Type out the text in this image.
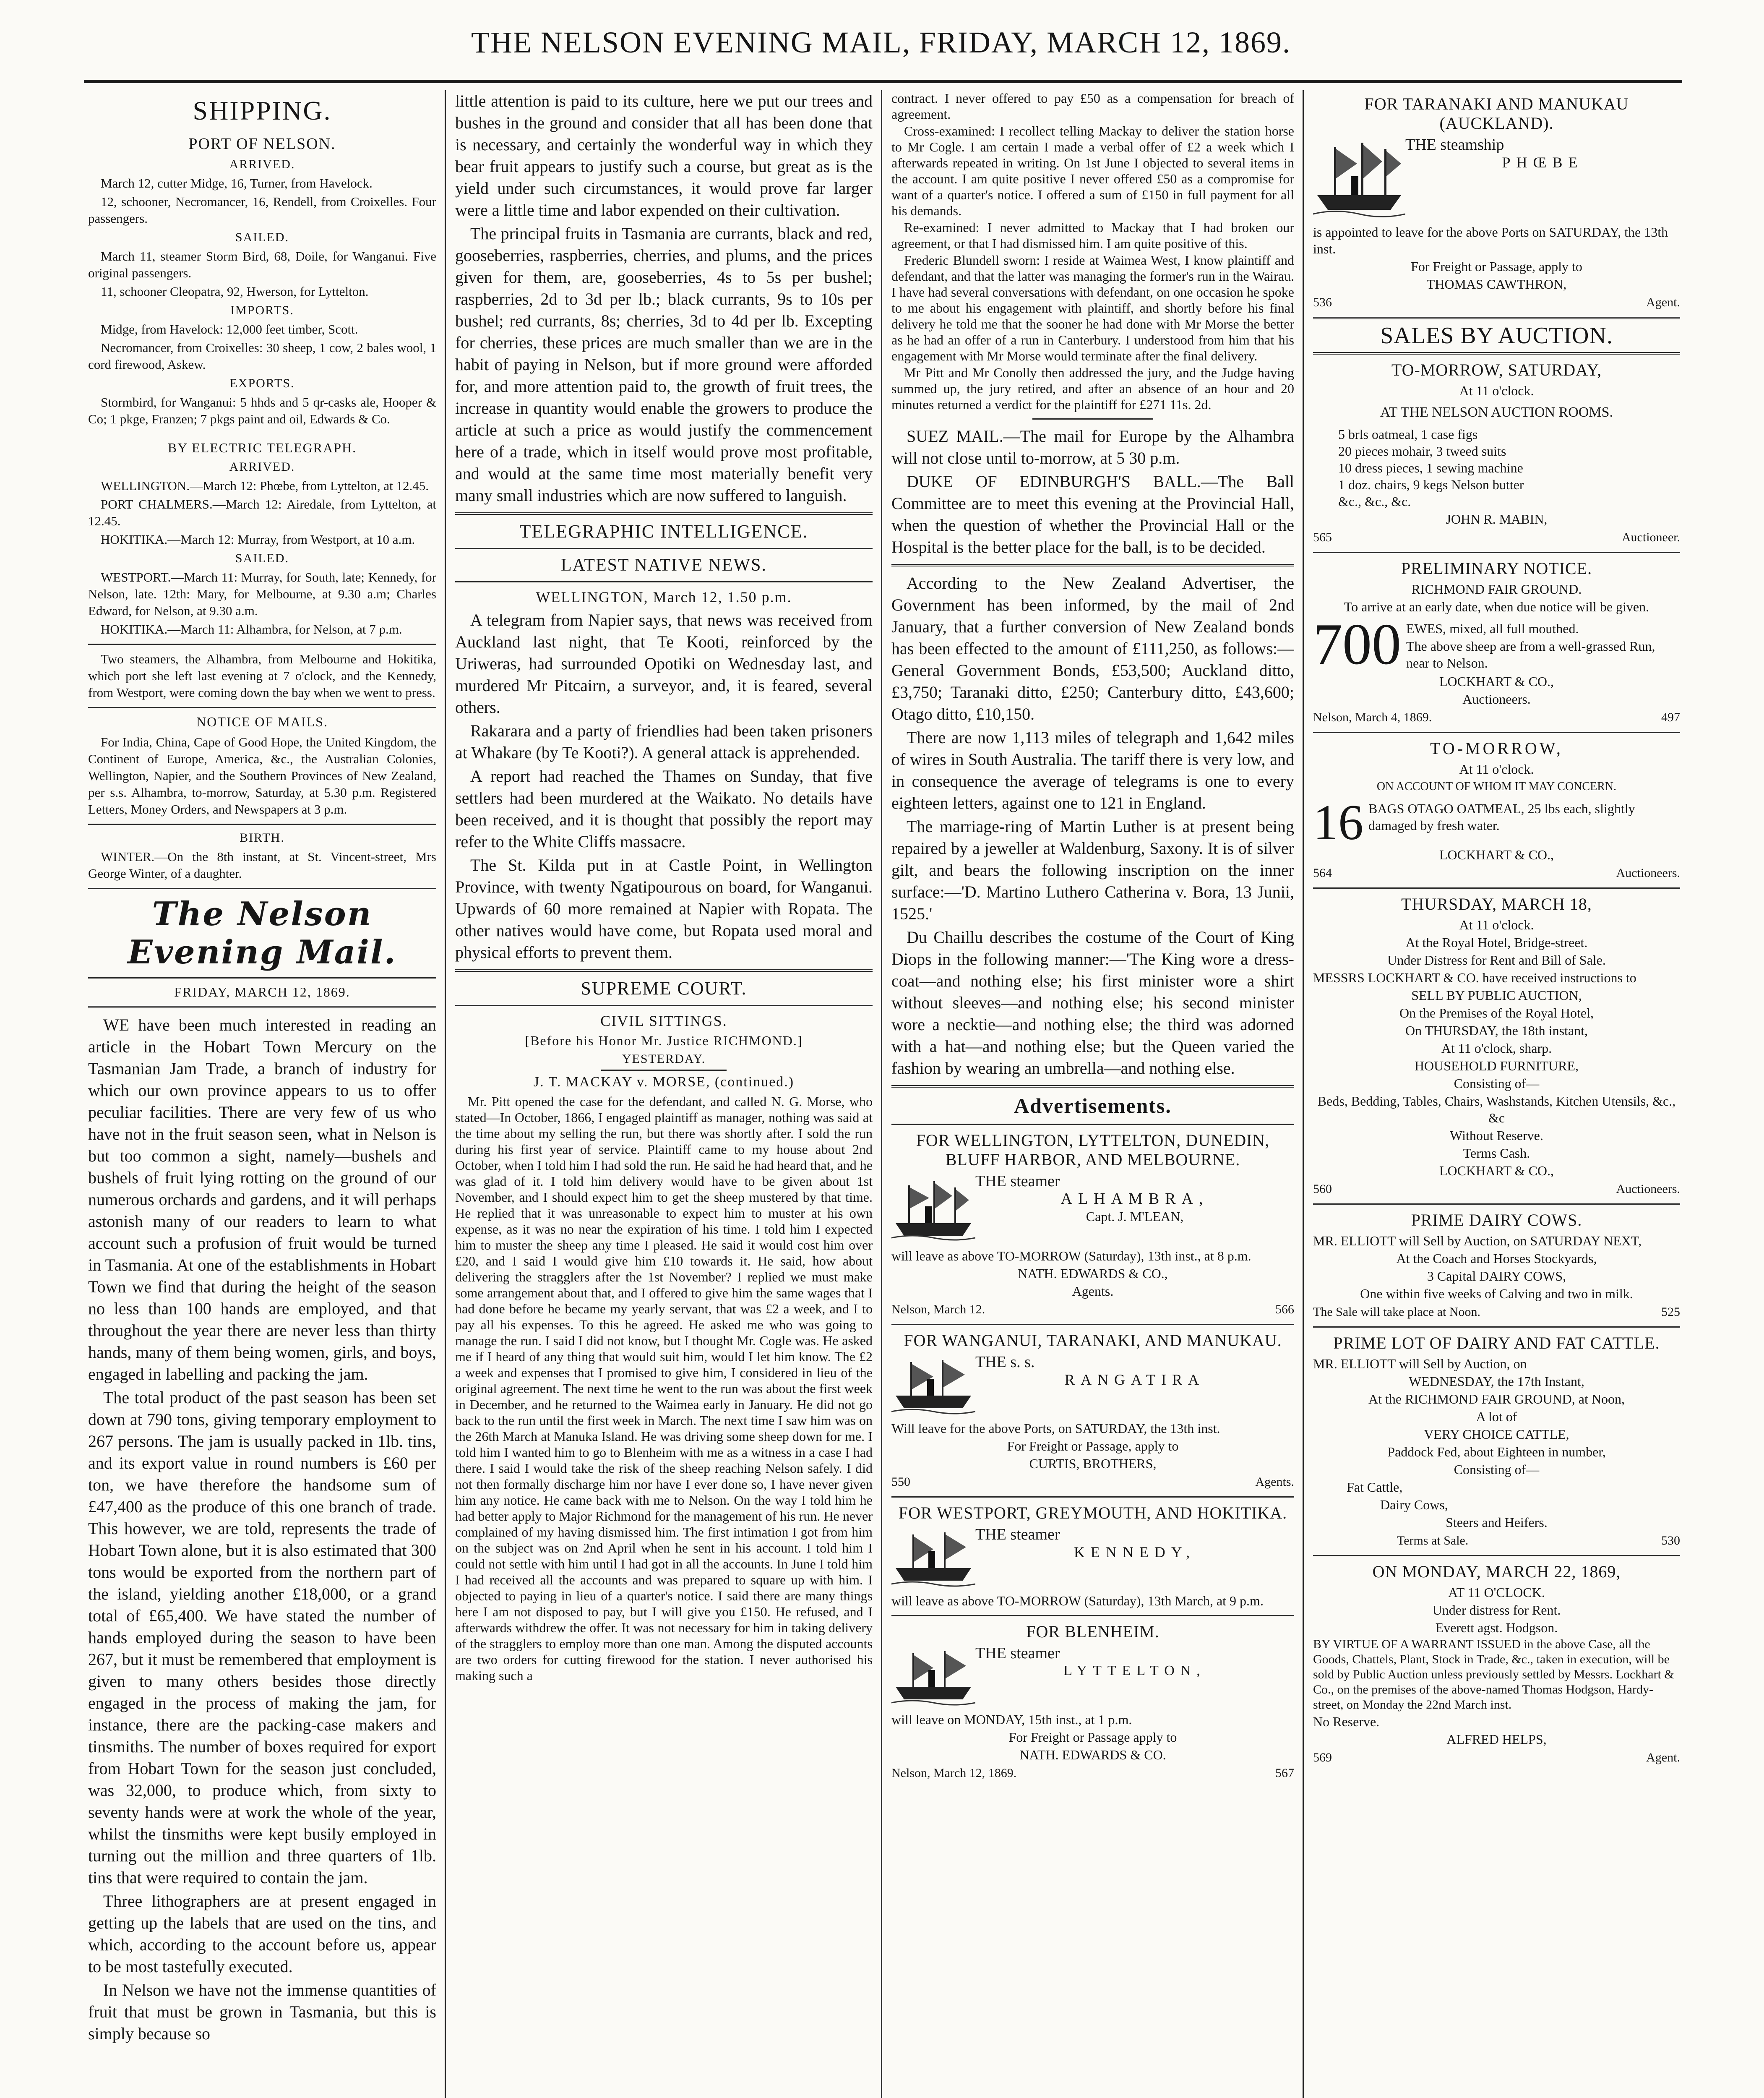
THE NELSON EVENING MAIL, FRIDAY, MARCH 12, 1869.
SHIPPING.
PORT OF NELSON.
ARRIVED.

March 12, cutter Midge, 16, Turner, from Havelock.

12, schooner, Necromancer, 16, Rendell, from Croixelles. Four passengers.

SAILED.

March 11, steamer Storm Bird, 68, Doile, for Wanganui. Five original passengers.

11, schooner Cleopatra, 92, Hwerson, for Lyttelton.

IMPORTS.

Midge, from Havelock: 12,000 feet timber, Scott.

Necromancer, from Croixelles: 30 sheep, 1 cow, 2 bales wool, 1 cord firewood, Askew.

EXPORTS.

Stormbird, for Wanganui: 5 hhds and 5 qr-casks ale, Hooper & Co; 1 pkge, Franzen; 7 pkgs paint and oil, Edwards & Co.

BY ELECTRIC TELEGRAPH.
ARRIVED.

WELLINGTON.—March 12: Phœbe, from Lyttelton, at 12.45.

PORT CHALMERS.—March 12: Airedale, from Lyttelton, at 12.45.

HOKITIKA.—March 12: Murray, from Westport, at 10 a.m.

SAILED.

WESTPORT.—March 11: Murray, for South, late; Kennedy, for Nelson, late. 12th: Mary, for Melbourne, at 9.30 a.m; Charles Edward, for Nelson, at 9.30 a.m.

HOKITIKA.—March 11: Alhambra, for Nelson, at 7 p.m.

Two steamers, the Alhambra, from Melbourne and Hokitika, which port she left last evening at 7 o'clock, and the Kennedy, from Westport, were coming down the bay when we went to press.

NOTICE OF MAILS.

For India, China, Cape of Good Hope, the United Kingdom, the Continent of Europe, America, &c., the Australian Colonies, Wellington, Napier, and the Southern Provinces of New Zealand, per s.s. Alhambra, to-morrow, Saturday, at 5.30 p.m. Registered Letters, Money Orders, and Newspapers at 3 p.m.

BIRTH.

WINTER.—On the 8th instant, at St. Vincent-street, Mrs George Winter, of a daughter.

The Nelson Evening Mail.
FRIDAY, MARCH 12, 1869.

WE have been much interested in reading an article in the Hobart Town Mercury on the Tasmanian Jam Trade, a branch of industry for which our own province appears to us to offer peculiar facilities. There are very few of us who have not in the fruit season seen, what in Nelson is but too common a sight, namely—bushels and bushels of fruit lying rotting on the ground of our numerous orchards and gardens, and it will perhaps astonish many of our readers to learn to what account such a profusion of fruit would be turned in Tasmania. At one of the establishments in Hobart Town we find that during the height of the season no less than 100 hands are employed, and that throughout the year there are never less than thirty hands, many of them being women, girls, and boys, engaged in labelling and packing the jam.

The total product of the past season has been set down at 790 tons, giving temporary employment to 267 persons. The jam is usually packed in 1lb. tins, and its export value in round numbers is £60 per ton, we have therefore the handsome sum of £47,400 as the produce of this one branch of trade. This however, we are told, represents the trade of Hobart Town alone, but it is also estimated that 300 tons would be exported from the northern part of the island, yielding another £18,000, or a grand total of £65,400. We have stated the number of hands employed during the season to have been 267, but it must be remembered that employment is given to many others besides those directly engaged in the process of making the jam, for instance, there are the packing-case makers and tinsmiths. The number of boxes required for export from Hobart Town for the season just concluded, was 32,000, to produce which, from sixty to seventy hands were at work the whole of the year, whilst the tinsmiths were kept busily employed in turning out the million and three quarters of 1lb. tins that were required to contain the jam.

Three lithographers are at present engaged in getting up the labels that are used on the tins, and which, according to the account before us, appear to be most tastefully executed.

In Nelson we have not the immense quantities of fruit that must be grown in Tasmania, but this is simply because so

little attention is paid to its culture, here we put our trees and bushes in the ground and consider that all has been done that is necessary, and certainly the wonderful way in which they bear fruit appears to justify such a course, but great as is the yield under such circumstances, it would prove far larger were a little time and labor expended on their cultivation.

The principal fruits in Tasmania are currants, black and red, gooseberries, raspberries, cherries, and plums, and the prices given for them, are, gooseberries, 4s to 5s per bushel; raspberries, 2d to 3d per lb.; black currants, 9s to 10s per bushel; red currants, 8s; cherries, 3d to 4d per lb. Excepting for cherries, these prices are much smaller than we are in the habit of paying in Nelson, but if more ground were afforded for, and more attention paid to, the growth of fruit trees, the increase in quantity would enable the growers to produce the article at such a price as would justify the commencement here of a trade, which in itself would prove most profitable, and would at the same time most materially benefit very many small industries which are now suffered to languish.

TELEGRAPHIC INTELLIGENCE.
LATEST NATIVE NEWS.
WELLINGTON, March 12, 1.50 p.m.

A telegram from Napier says, that news was received from Auckland last night, that Te Kooti, reinforced by the Uriweras, had surrounded Opotiki on Wednesday last, and murdered Mr Pitcairn, a surveyor, and, it is feared, several others.

Rakarara and a party of friendlies had been taken prisoners at Whakare (by Te Kooti?). A general attack is apprehended.

A report had reached the Thames on Sunday, that five settlers had been murdered at the Waikato. No details have been received, and it is thought that possibly the report may refer to the White Cliffs massacre.

The St. Kilda put in at Castle Point, in Wellington Province, with twenty Ngatipourous on board, for Wanganui. Upwards of 60 more remained at Napier with Ropata. The other natives would have come, but Ropata used moral and physical efforts to prevent them.

SUPREME COURT.
CIVIL SITTINGS.
[Before his Honor Mr. Justice RICHMOND.]
YESTERDAY.
J. T. MACKAY v. MORSE, (continued.)

Mr. Pitt opened the case for the defendant, and called N. G. Morse, who stated—In October, 1866, I engaged plaintiff as manager, nothing was said at the time about my selling the run, but there was shortly after. I sold the run during his first year of service. Plaintiff came to my house about 2nd October, when I told him I had sold the run. He said he had heard that, and he was glad of it. I told him delivery would have to be given about 1st November, and I should expect him to get the sheep mustered by that time. He replied that it was unreasonable to expect him to muster at his own expense, as it was no near the expiration of his time. I told him I expected him to muster the sheep any time I pleased. He said it would cost him over £20, and I said I would give him £10 towards it. He said, how about delivering the stragglers after the 1st November? I replied we must make some arrangement about that, and I offered to give him the same wages that I had done before he became my yearly servant, that was £2 a week, and I to pay all his expenses. To this he agreed. He asked me who was going to manage the run. I said I did not know, but I thought Mr. Cogle was. He asked me if I heard of any thing that would suit him, would I let him know. The £2 a week and expenses that I promised to give him, I considered in lieu of the original agreement. The next time he went to the run was about the first week in December, and he returned to the Waimea early in January. He did not go back to the run until the first week in March. The next time I saw him was on the 26th March at Manuka Island. He was driving some sheep down for me. I told him I wanted him to go to Blenheim with me as a witness in a case I had there. I said I would take the risk of the sheep reaching Nelson safely. I did not then formally discharge him nor have I ever done so, I have never given him any notice. He came back with me to Nelson. On the way I told him he had better apply to Major Richmond for the management of his run. He never complained of my having dismissed him. The first intimation I got from him on the subject was on 2nd April when he sent in his account. I told him I could not settle with him until I had got in all the accounts. In June I told him I had received all the accounts and was prepared to square up with him. I objected to paying in lieu of a quarter's notice. I said there are many things here I am not disposed to pay, but I will give you £150. He refused, and I afterwards withdrew the offer. It was not necessary for him in taking delivery of the stragglers to employ more than one man. Among the disputed accounts are two orders for cutting firewood for the station. I never authorised his making such a

contract. I never offered to pay £50 as a compensation for breach of agreement.

Cross-examined: I recollect telling Mackay to deliver the station horse to Mr Cogle. I am certain I made a verbal offer of £2 a week which I afterwards repeated in writing. On 1st June I objected to several items in the account. I am quite positive I never offered £50 as a compromise for want of a quarter's notice. I offered a sum of £150 in full payment for all his demands.

Re-examined: I never admitted to Mackay that I had broken our agreement, or that I had dismissed him. I am quite positive of this.

Frederic Blundell sworn: I reside at Waimea West, I know plaintiff and defendant, and that the latter was managing the former's run in the Wairau. I have had several conversations with defendant, on one occasion he spoke to me about his engagement with plaintiff, and shortly before his final delivery he told me that the sooner he had done with Mr Morse the better as he had an offer of a run in Canterbury. I understood from him that his engagement with Mr Morse would terminate after the final delivery.

Mr Pitt and Mr Conolly then addressed the jury, and the Judge having summed up, the jury retired, and after an absence of an hour and 20 minutes returned a verdict for the plaintiff for £271 11s. 2d.

SUEZ MAIL.—The mail for Europe by the Alhambra will not close until to-morrow, at 5 30 p.m.

DUKE OF EDINBURGH'S BALL.—The Ball Committee are to meet this evening at the Provincial Hall, when the question of whether the Provincial Hall or the Hospital is the better place for the ball, is to be decided.

According to the New Zealand Advertiser, the Government has been informed, by the mail of 2nd January, that a further conversion of New Zealand bonds has been effected to the amount of £111,250, as follows:—General Government Bonds, £53,500; Auckland ditto, £3,750; Taranaki ditto, £250; Canterbury ditto, £43,600; Otago ditto, £10,150.

There are now 1,113 miles of telegraph and 1,642 miles of wires in South Australia. The tariff there is very low, and in consequence the average of telegrams is one to every eighteen letters, against one to 121 in England.

The marriage-ring of Martin Luther is at present being repaired by a jeweller at Waldenburg, Saxony. It is of silver gilt, and bears the following inscription on the inner surface:—'D. Martino Luthero Catherina v. Bora, 13 Junii, 1525.'

Du Chaillu describes the costume of the Court of King Diops in the following manner:—'The King wore a dress-coat—and nothing else; his first minister wore a shirt without sleeves—and nothing else; his second minister wore a necktie—and nothing else; the third was adorned with a hat—and nothing else; but the Queen varied the fashion by wearing an umbrella—and nothing else.

Advertisements.
FOR WELLINGTON, LYTTELTON, DUNEDIN, BLUFF HARBOR, AND MELBOURNE.
THE steamer
ALHAMBRA,
Capt. J. M'LEAN,
will leave as above TO-MORROW (Saturday), 13th inst., at 8 p.m.
NATH. EDWARDS & CO.,
Agents.
Nelson, March 12.	566
FOR WANGANUI, TARANAKI, AND MANUKAU.
THE s. s.
RANGATIRA
Will leave for the above Ports, on SATURDAY, the 13th inst.
For Freight or Passage, apply to
CURTIS, BROTHERS,
550	Agents.
FOR WESTPORT, GREYMOUTH, AND HOKITIKA.
THE steamer
KENNEDY,
will leave as above TO-MORROW (Saturday), 13th March, at 9 p.m.
FOR BLENHEIM.
THE steamer
LYTTELTON,
will leave on MONDAY, 15th inst., at 1 p.m.
For Freight or Passage apply to
NATH. EDWARDS & CO.
Nelson, March 12, 1869.	567
FOR TARANAKI AND MANUKAU (AUCKLAND).
THE steamship
PHŒBE
is appointed to leave for the above Ports on SATURDAY, the 13th inst.
For Freight or Passage, apply to
THOMAS CAWTHRON,
536	Agent.
SALES BY AUCTION.
TO-MORROW, SATURDAY,
At 11 o'clock.
AT THE NELSON AUCTION ROOMS.
5 brls oatmeal, 1 case figs
20 pieces mohair, 3 tweed suits
10 dress pieces, 1 sewing machine
1 doz. chairs, 9 kegs Nelson butter
&c., &c., &c.
JOHN R. MABIN,
565	Auctioneer.
PRELIMINARY NOTICE.
RICHMOND FAIR GROUND.
To arrive at an early date, when due notice will be given.
700 EWES, mixed, all full mouthed.
The above sheep are from a well-grassed Run, near to Nelson.
LOCKHART & CO.,
Auctioneers.
Nelson, March 4, 1869.	497
TO-MORROW,
At 11 o'clock.
ON ACCOUNT OF WHOM IT MAY CONCERN.
16 BAGS OTAGO OATMEAL, 25 lbs each, slightly damaged by fresh water.
LOCKHART & CO.,
564	Auctioneers.
THURSDAY, MARCH 18,
At 11 o'clock.
At the Royal Hotel, Bridge-street.
Under Distress for Rent and Bill of Sale.
MESSRS LOCKHART & CO. have received instructions to
SELL BY PUBLIC AUCTION,
On the Premises of the Royal Hotel,
On THURSDAY, the 18th instant,
At 11 o'clock, sharp.
HOUSEHOLD FURNITURE,
Consisting of—
Beds, Bedding, Tables, Chairs, Washstands, Kitchen Utensils, &c., &c
Without Reserve.
Terms Cash.
LOCKHART & CO.,
560	Auctioneers.
PRIME DAIRY COWS.
MR. ELLIOTT will Sell by Auction, on SATURDAY NEXT,
At the Coach and Horses Stockyards,
3 Capital DAIRY COWS,
One within five weeks of Calving and two in milk.
The Sale will take place at Noon.	525
PRIME LOT OF DAIRY AND FAT CATTLE.
MR. ELLIOTT will Sell by Auction, on
WEDNESDAY, the 17th Instant,
At the RICHMOND FAIR GROUND, at Noon,
A lot of
VERY CHOICE CATTLE,
Paddock Fed, about Eighteen in number,
Consisting of—
Fat Cattle,
Dairy Cows,
Steers and Heifers.
Terms at Sale.	530
ON MONDAY, MARCH 22, 1869,
AT 11 O'CLOCK.
Under distress for Rent.
Everett agst. Hodgson.
BY VIRTUE OF A WARRANT ISSUED in the above Case, all the Goods, Chattels, Plant, Stock in Trade, &c., taken in execution, will be sold by Public Auction unless previously settled by Messrs. Lockhart & Co., on the premises of the above-named Thomas Hodgson, Hardy-street, on Monday the 22nd March inst.
No Reserve.
ALFRED HELPS,
569	Agent.
